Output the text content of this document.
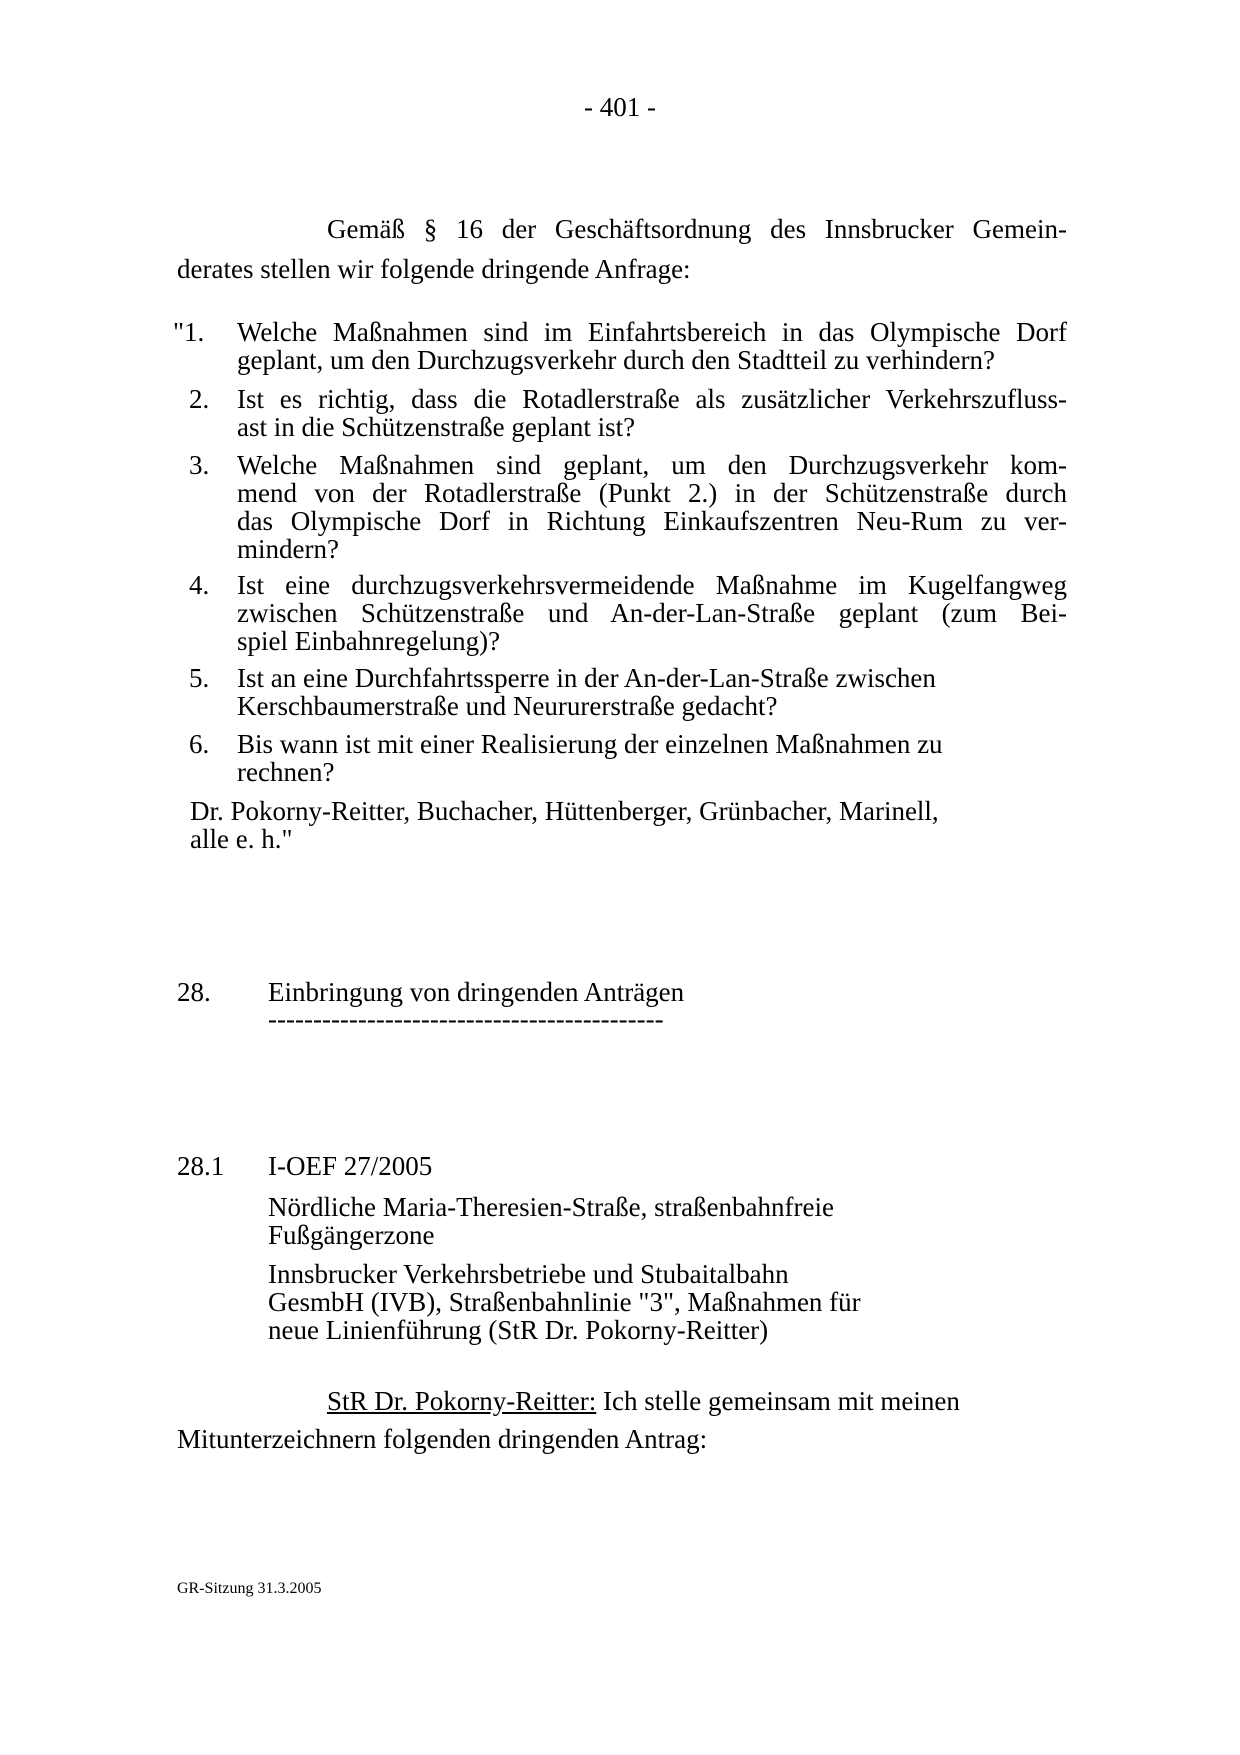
- 401 -
Gemäß § 16 der Geschäftsordnung des Innsbrucker Gemein-
derates stellen wir folgende dringende Anfrage:
"1.	Welche Maßnahmen sind im Einfahrtsbereich in das Olympische Dorf
geplant, um den Durchzugsverkehr durch den Stadtteil zu verhindern?
2.	Ist es richtig, dass die Rotadlerstraße als zusätzlicher Verkehrszufluss-
ast in die Schützenstraße geplant ist?
3.	Welche Maßnahmen sind geplant, um den Durchzugsverkehr kom-
mend von der Rotadlerstraße (Punkt 2.) in der Schützenstraße durch
das Olympische Dorf in Richtung Einkaufszentren Neu-Rum zu ver-
mindern?
4.	Ist eine durchzugsverkehrsvermeidende Maßnahme im Kugelfangweg
zwischen Schützenstraße und An-der-Lan-Straße geplant (zum Bei-
spiel Einbahnregelung)?
5.	Ist an eine Durchfahrtssperre in der An-der-Lan-Straße zwischen
Kerschbaumerstraße und Neururerstraße gedacht?
6.	Bis wann ist mit einer Realisierung der einzelnen Maßnahmen zu
rechnen?
Dr. Pokorny-Reitter, Buchacher, Hüttenberger, Grünbacher, Marinell,
alle e. h."
28. Einbringung von dringenden Anträgen
--------------------------------------------
28.1 I-OEF 27/2005
Nördliche Maria-Theresien-Straße, straßenbahnfreie
Fußgängerzone
Innsbrucker Verkehrsbetriebe und Stubaitalbahn
GesmbH (IVB), Straßenbahnlinie "3", Maßnahmen für
neue Linienführung (StR Dr. Pokorny-Reitter)
StR Dr. Pokorny-Reitter: Ich stelle gemeinsam mit meinen
Mitunterzeichnern folgenden dringenden Antrag:
GR-Sitzung 31.3.2005
